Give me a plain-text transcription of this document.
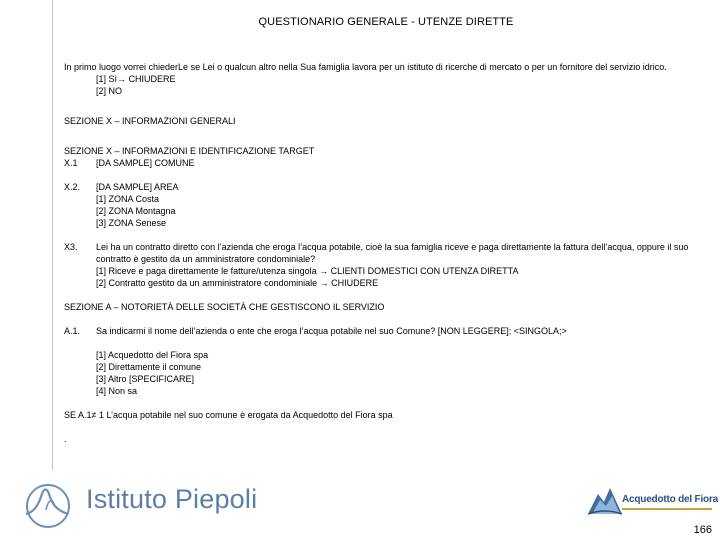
QUESTIONARIO GENERALE - UTENZE DIRETTE

In primo luogo vorrei chiederLe se Lei o qualcun altro nella Sua famiglia lavora per un istituto di ricerche di mercato o per un fornitore del servizio idrico.

[1] Sì→ CHIUDERE

[2] NO

SEZIONE X – INFORMAZIONI GENERALI

SEZIONE X – INFORMAZIONI E IDENTIFICAZIONE TARGET

X.1	[DA SAMPLE] COMUNE
X.2.	[DA SAMPLE] AREA

[1] ZONA Costa

[2] ZONA Montagna

[3] ZONA Senese

X3.	Lei ha un contratto diretto con l’azienda che eroga l’acqua potabile, cioè la sua famiglia riceve e paga direttamente la fattura dell’acqua, oppure il suo contratto è gestito da un amministratore condominiale?

[1] Riceve e paga direttamente le fatture/utenza singola → CLIENTI DOMESTICI CON UTENZA DIRETTA

[2] Contratto gestito da un amministratore condominiale → CHIUDERE

SEZIONE A – NOTORIETÀ DELLE SOCIETÀ CHE GESTISCONO IL SERVIZIO

A.1.	Sa indicarmi il nome dell’azienda o ente che eroga l’acqua potabile nel suo Comune? [NON LEGGERE]; <SINGOLA;>

[1] Acquedotto del Fiora spa

[2] Direttamente il comune

[3] Altro [SPECIFICARE]

[4] Non sa

SE A.1≠ 1 L’acqua potabile nel suo comune è erogata da Acquedotto del Fiora spa

.

Istituto Piepoli	Acquedotto del Fiora
166
